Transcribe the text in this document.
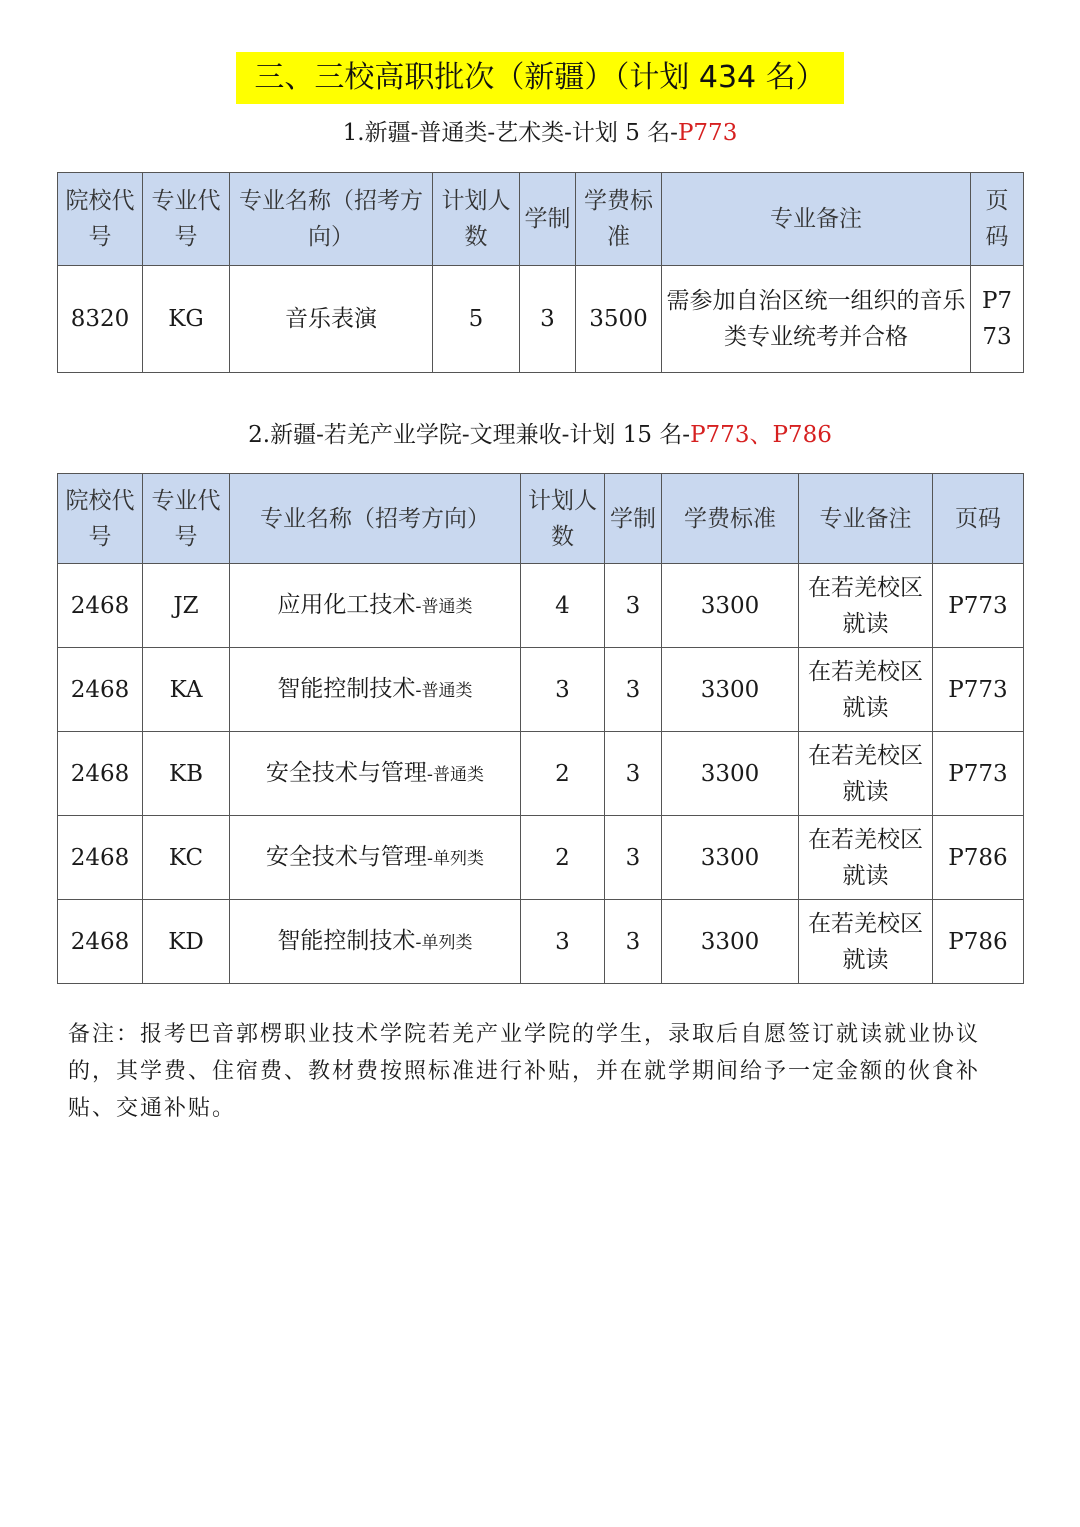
三、三校高职批次（新疆）（计划 434 名）
1.新疆-普通类-艺术类-计划 5 名-P773
院校代号	专业代号	专业名称（招考方向）	计划人数	学制	学费标准	专业备注	页码
8320	KG	音乐表演	5	3	3500	需参加自治区统一组织的音乐类专业统考并合格	P773
2.新疆-若羌产业学院-文理兼收-计划 15 名-P773、P786
院校代号	专业代号	专业名称（招考方向）	计划人数	学制	学费标准	专业备注	页码
2468	JZ	应用化工技术-普通类	4	3	3300	在若羌校区就读	P773
2468	KA	智能控制技术-普通类	3	3	3300	在若羌校区就读	P773
2468	KB	安全技术与管理-普通类	2	3	3300	在若羌校区就读	P773
2468	KC	安全技术与管理-单列类	2	3	3300	在若羌校区就读	P786
2468	KD	智能控制技术-单列类	3	3	3300	在若羌校区就读	P786
备注：报考巴音郭楞职业技术学院若羌产业学院的学生，录取后自愿签订就读就业协议的，其学费、住宿费、教材费按照标准进行补贴，并在就学期间给予一定金额的伙食补贴、交通补贴。
